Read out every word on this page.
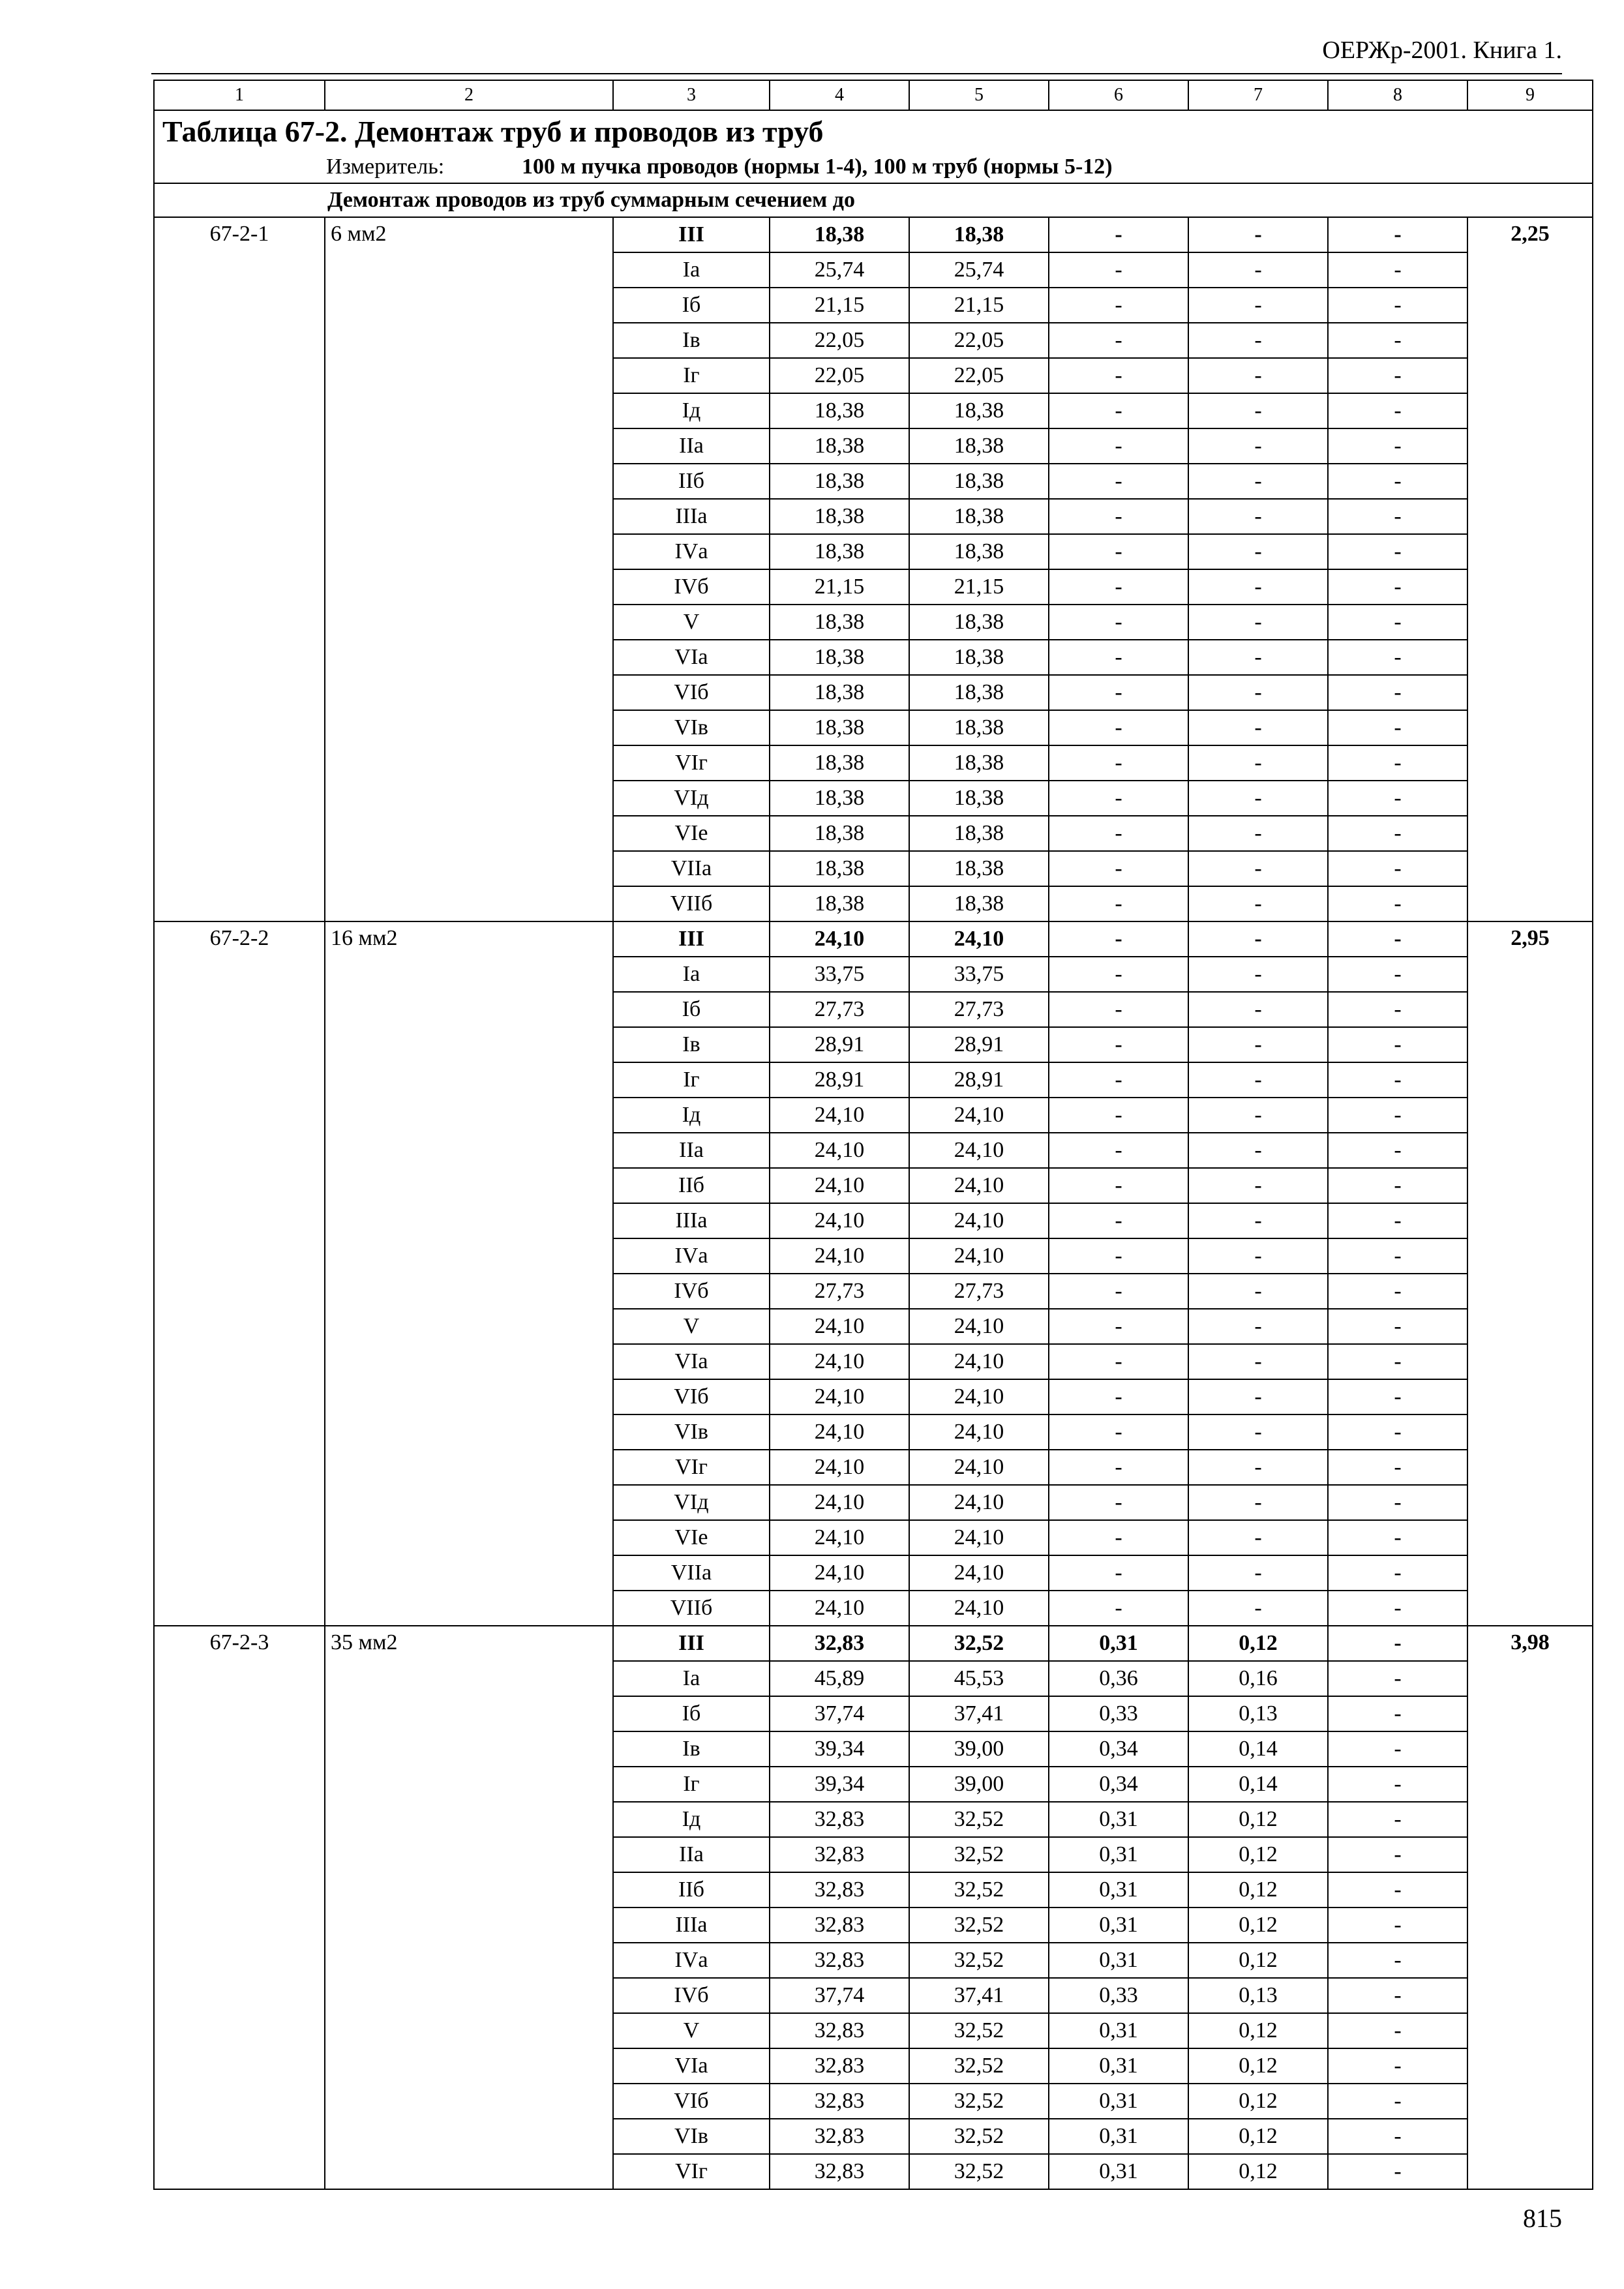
ОЕРЖр-2001. Книга 1.
1	2	3	4	5	6	7	8	9
Таблица 67-2. Демонтаж труб и проводов из труб								
Измеритель: 100 м пучка проводов (нормы 1-4), 100 м труб (нормы 5-12)								
Демонтаж проводов из труб суммарным сечением до								

67-2-1	6 мм2	III	18,38	18,38	-	-	-	2,25

		Iа	25,74	25,74	-	-	-	
		Iб	21,15	21,15	-	-	-	
		Iв	22,05	22,05	-	-	-	
		Iг	22,05	22,05	-	-	-	
		Iд	18,38	18,38	-	-	-	
		IIа	18,38	18,38	-	-	-	
		IIб	18,38	18,38	-	-	-	
		IIIа	18,38	18,38	-	-	-	
		IVа	18,38	18,38	-	-	-	
		IVб	21,15	21,15	-	-	-	
		V	18,38	18,38	-	-	-	
		VIа	18,38	18,38	-	-	-	
		VIб	18,38	18,38	-	-	-	
		VIв	18,38	18,38	-	-	-	
		VIг	18,38	18,38	-	-	-	
		VIд	18,38	18,38	-	-	-	
		VIе	18,38	18,38	-	-	-	
		VIIа	18,38	18,38	-	-	-	
		VIIб	18,38	18,38	-	-	-	

67-2-2	16 мм2	III	24,10	24,10	-	-	-	2,95

		Iа	33,75	33,75	-	-	-	
		Iб	27,73	27,73	-	-	-	
		Iв	28,91	28,91	-	-	-	
		Iг	28,91	28,91	-	-	-	
		Iд	24,10	24,10	-	-	-	
		IIа	24,10	24,10	-	-	-	
		IIб	24,10	24,10	-	-	-	
		IIIа	24,10	24,10	-	-	-	
		IVа	24,10	24,10	-	-	-	
		IVб	27,73	27,73	-	-	-	
		V	24,10	24,10	-	-	-	
		VIа	24,10	24,10	-	-	-	
		VIб	24,10	24,10	-	-	-	
		VIв	24,10	24,10	-	-	-	
		VIг	24,10	24,10	-	-	-	
		VIд	24,10	24,10	-	-	-	
		VIе	24,10	24,10	-	-	-	
		VIIа	24,10	24,10	-	-	-	
		VIIб	24,10	24,10	-	-	-	

67-2-3	35 мм2	III	32,83	32,52	0,31	0,12	-	3,98

		Iа	45,89	45,53	0,36	0,16	-	
		Iб	37,74	37,41	0,33	0,13	-	
		Iв	39,34	39,00	0,34	0,14	-	
		Iг	39,34	39,00	0,34	0,14	-	
		Iд	32,83	32,52	0,31	0,12	-	
		IIа	32,83	32,52	0,31	0,12	-	
		IIб	32,83	32,52	0,31	0,12	-	
		IIIа	32,83	32,52	0,31	0,12	-	
		IVа	32,83	32,52	0,31	0,12	-	
		IVб	37,74	37,41	0,33	0,13	-	
		V	32,83	32,52	0,31	0,12	-	
		VIа	32,83	32,52	0,31	0,12	-	
		VIб	32,83	32,52	0,31	0,12	-	
		VIв	32,83	32,52	0,31	0,12	-	
		VIг	32,83	32,52	0,31	0,12	-	
815
